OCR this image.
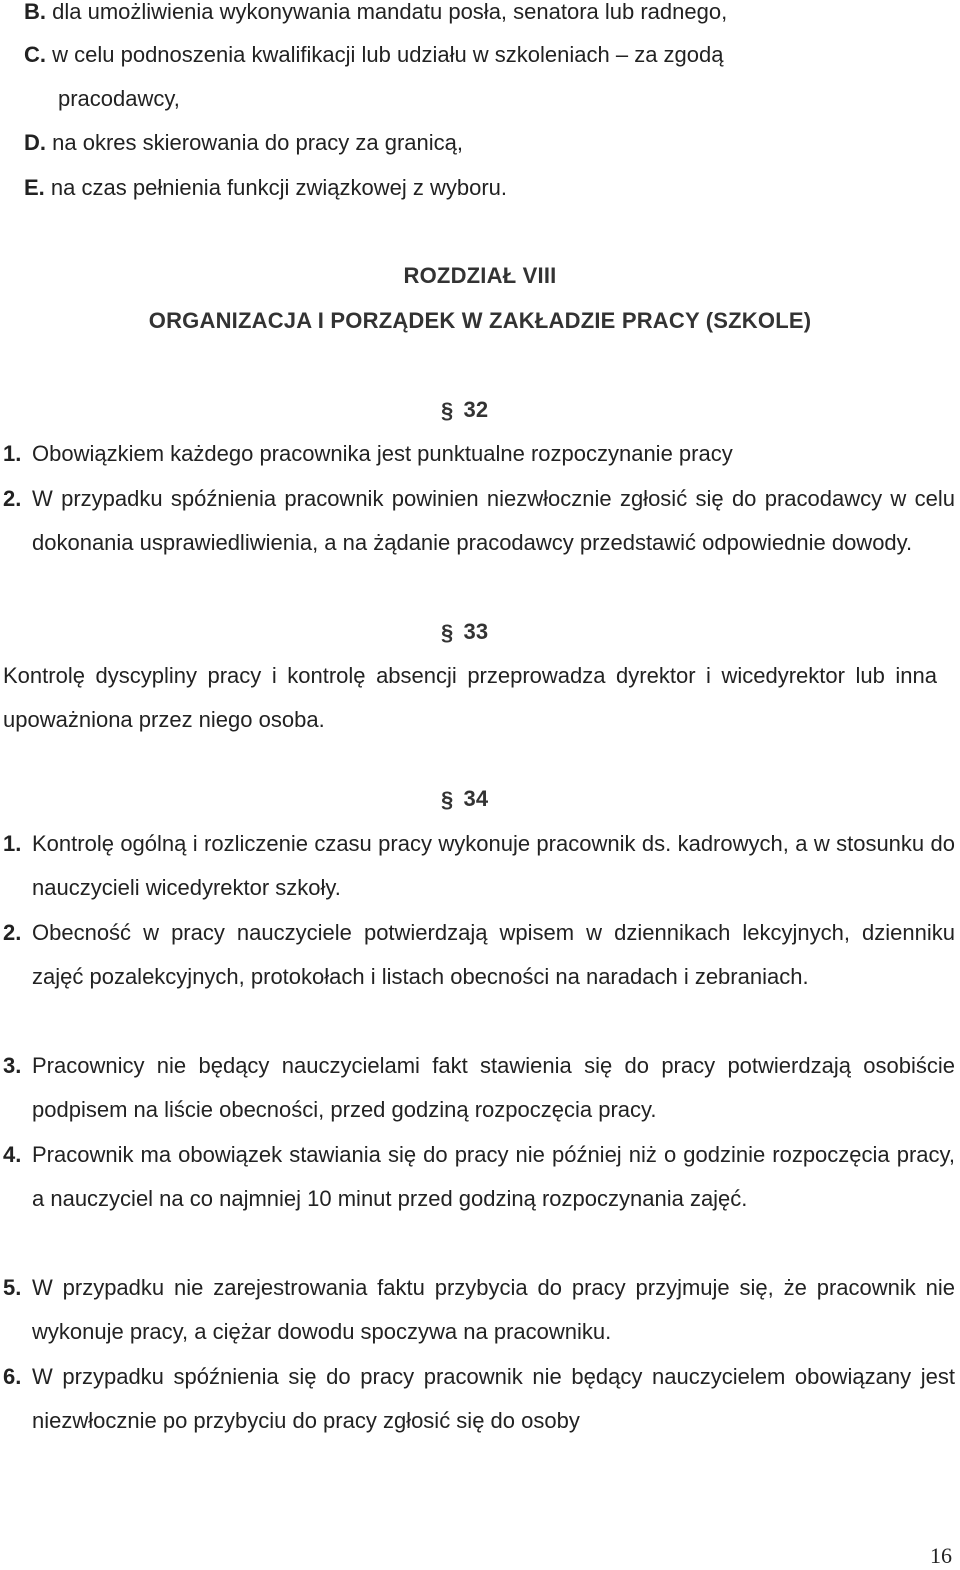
B. dla umożliwienia wykonywania mandatu posła, senatora lub radnego,
C. w celu podnoszenia kwalifikacji lub udziału w szkoleniach – za zgodą
pracodawcy,
D. na okres skierowania do pracy za granicą,
E. na czas pełnienia funkcji związkowej z wyboru.
ROZDZIAŁ VIII
ORGANIZACJA I PORZĄDEK W ZAKŁADZIE PRACY (SZKOLE)
§ 32
1. Obowiązkiem każdego pracownika jest punktualne rozpoczynanie pracy
2. W przypadku spóźnienia pracownik powinien niezwłocznie zgłosić się do pracodawcy w celu dokonania usprawiedliwienia, a na żądanie pracodawcy przedstawić odpowiednie dowody.
§ 33
Kontrolę dyscypliny pracy i kontrolę absencji przeprowadza dyrektor i wicedyrektor lub inna upoważniona przez niego osoba.
§ 34
1. Kontrolę ogólną i rozliczenie czasu pracy wykonuje pracownik ds. kadrowych, a w stosunku do nauczycieli wicedyrektor szkoły.
2. Obecność w pracy nauczyciele potwierdzają wpisem w dziennikach lekcyjnych, dzienniku zajęć pozalekcyjnych, protokołach i listach obecności na naradach i zebraniach.
3. Pracownicy nie będący nauczycielami fakt stawienia się do pracy potwierdzają osobiście podpisem na liście obecności, przed godziną rozpoczęcia pracy.
4. Pracownik ma obowiązek stawiania się do pracy nie później niż o godzinie rozpoczęcia pracy, a nauczyciel na co najmniej 10 minut przed godziną rozpoczynania zajęć.
5. W przypadku nie zarejestrowania faktu przybycia do pracy przyjmuje się, że pracownik nie wykonuje pracy, a ciężar dowodu spoczywa na pracowniku.
6. W przypadku spóźnienia się do pracy pracownik nie będący nauczycielem obowiązany jest niezwłocznie po przybyciu do pracy zgłosić się do osoby
16
